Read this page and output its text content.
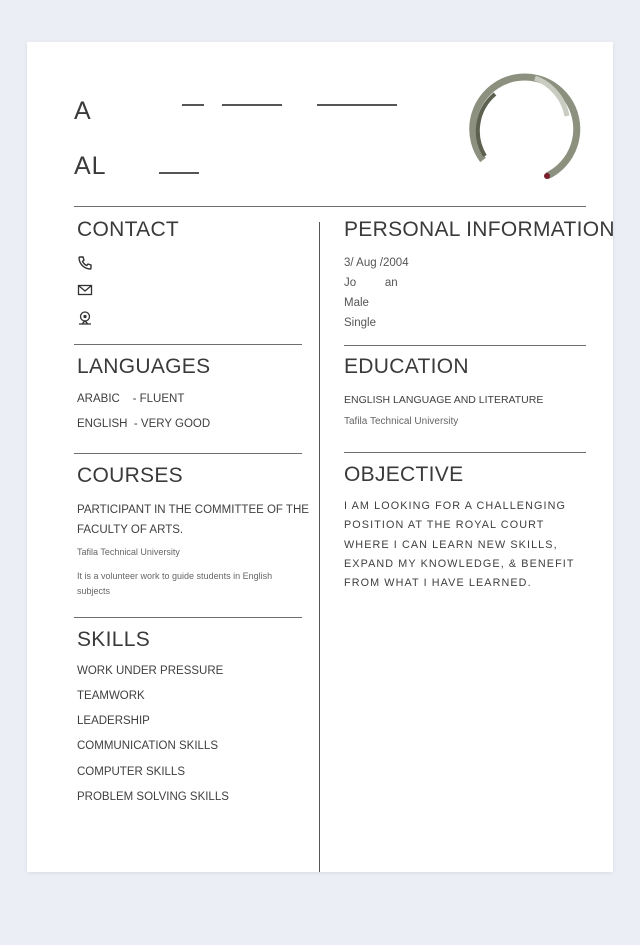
A
AL
CONTACT
LANGUAGES
ARABIC    - FLUENT
ENGLISH  - VERY GOOD
COURSES
PARTICIPANT IN THE COMMITTEE OF THE FACULTY OF ARTS.
Tafila Technical University
It is a volunteer work to guide students in English subjects
SKILLS
WORK UNDER PRESSURE
TEAMWORK
LEADERSHIP
COMMUNICATION SKILLS
COMPUTER SKILLS
PROBLEM SOLVING SKILLS
PERSONAL INFORMATION
3/ Aug /2004
Jo         an
Male
Single
EDUCATION
ENGLISH LANGUAGE AND LITERATURE
Tafila Technical University
OBJECTIVE
I AM LOOKING FOR A CHALLENGING POSITION AT THE ROYAL COURT WHERE I CAN LEARN NEW SKILLS, EXPAND MY KNOWLEDGE, & BENEFIT FROM WHAT I HAVE LEARNED.
